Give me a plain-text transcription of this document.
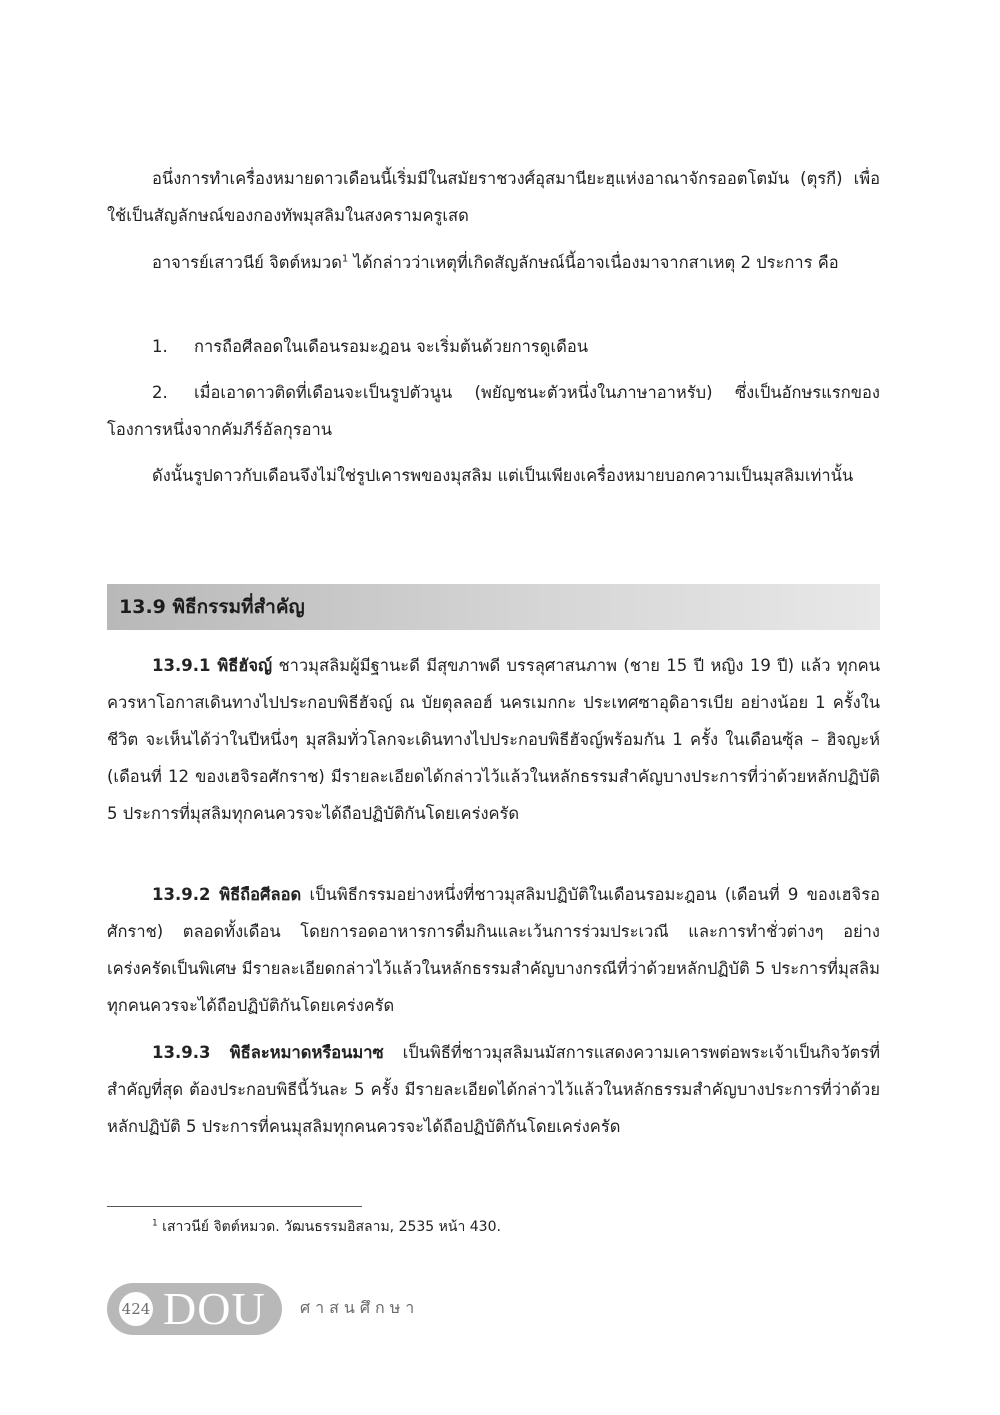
อนึ่งการทำเครื่องหมายดาวเดือนนี้เริ่มมีในสมัยราชวงศ์อุสมานียะฮฺแห่งอาณาจักรออตโตมัน (ตุรกี) เพื่อใช้เป็นสัญลักษณ์ของกองทัพมุสลิมในสงครามครูเสด

อาจารย์เสาวนีย์ จิตต์หมวด$^1$ ได้กล่าวว่าเหตุที่เกิดสัญลักษณ์นี้อาจเนื่องมาจากสาเหตุ 2 ประการ คือ

1. การถือศีลอดในเดือนรอมะฎอน จะเริ่มต้นด้วยการดูเดือน

2. เมื่อเอาดาวติดที่เดือนจะเป็นรูปตัวนูน (พยัญชนะตัวหนึ่งในภาษาอาหรับ) ซึ่งเป็นอักษรแรกของโองการหนึ่งจากคัมภีร์อัลกุรอาน

ดังนั้นรูปดาวกับเดือนจึงไม่ใช่รูปเคารพของมุสลิม แต่เป็นเพียงเครื่องหมายบอกความเป็นมุสลิมเท่านั้น

13.9 พิธีกรรมที่สำคัญ

13.9.1 พิธีฮัจญ์ ชาวมุสลิมผู้มีฐานะดี มีสุขภาพดี บรรลุศาสนภาพ (ชาย 15 ปี หญิง 19 ปี) แล้ว ทุกคนควรหาโอกาสเดินทางไปประกอบพิธีฮัจญ์ ณ บัยตุลลอฮ์ นครเมกกะ ประเทศซาอุดิอารเบีย อย่างน้อย 1 ครั้งในชีวิต จะเห็นได้ว่าในปีหนึ่งๆ มุสลิมทั่วโลกจะเดินทางไปประกอบพิธีฮัจญ์พร้อมกัน 1 ครั้ง ในเดือนซุ้ล – ฮิจญะห์ (เดือนที่ 12 ของเฮจิรอศักราช) มีรายละเอียดได้กล่าวไว้แล้วในหลักธรรมสำคัญบางประการที่ว่าด้วยหลักปฏิบัติ 5 ประการที่มุสลิมทุกคนควรจะได้ถือปฏิบัติกันโดยเคร่งครัด

13.9.2 พิธีถือศีลอด เป็นพิธีกรรมอย่างหนึ่งที่ชาวมุสลิมปฏิบัติในเดือนรอมะฎอน (เดือนที่ 9 ของเฮจิรอศักราช) ตลอดทั้งเดือน โดยการอดอาหารการดื่มกินและเว้นการร่วมประเวณี และการทำชั่วต่างๆ อย่างเคร่งครัดเป็นพิเศษ มีรายละเอียดกล่าวไว้แล้วในหลักธรรมสำคัญบางกรณีที่ว่าด้วยหลักปฏิบัติ 5 ประการที่มุสลิมทุกคนควรจะได้ถือปฏิบัติกันโดยเคร่งครัด

13.9.3 พิธีละหมาดหรือนมาซ เป็นพิธีที่ชาวมุสลิมนมัสการแสดงความเคารพต่อพระเจ้าเป็นกิจวัตรที่สำคัญที่สุด ต้องประกอบพิธีนี้วันละ 5 ครั้ง มีรายละเอียดได้กล่าวไว้แล้วในหลักธรรมสำคัญบางประการที่ว่าด้วยหลักปฏิบัติ 5 ประการที่คนมุสลิมทุกคนควรจะได้ถือปฏิบัติกันโดยเคร่งครัด

$^1$ เสาวนีย์ จิตต์หมวด. วัฒนธรรมอิสลาม, 2535 หน้า 430.

424 DOU ศาสนศึกษา
